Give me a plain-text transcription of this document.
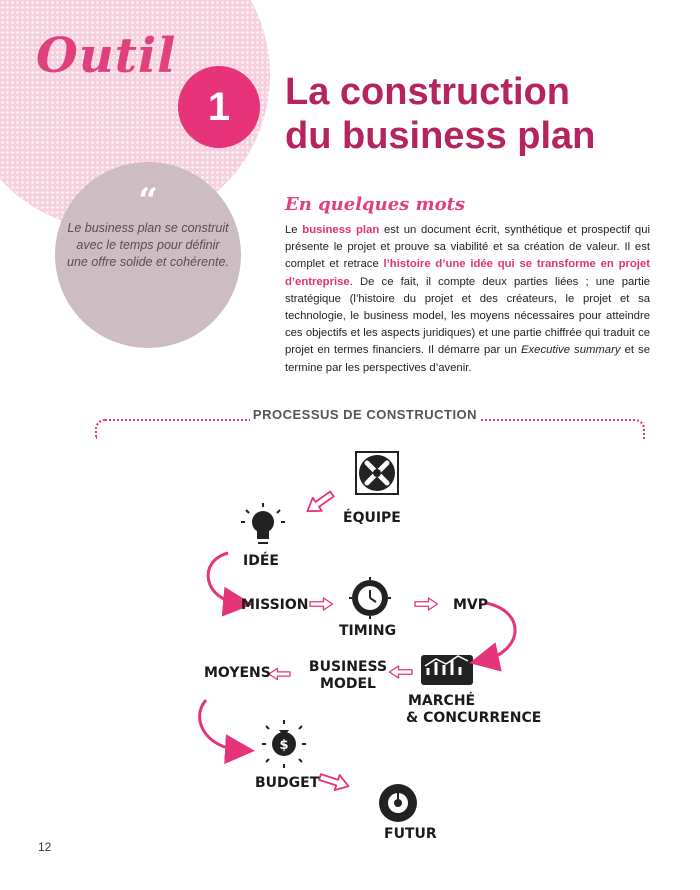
Outil
1	La construction
du business plan
“
Le business plan se construit avec le temps pour définir une offre solide et cohérente.
En quelques mots

Le business plan est un document écrit, synthétique et prospectif qui présente le projet et prouve sa viabilité et sa création de valeur. Il est complet et retrace l’histoire d’une idée qui se transforme en projet d’entreprise. De ce fait, il compte deux parties liées ; une partie stratégique (l’histoire du projet et des créateurs, le projet et sa technologie, le business model, les moyens nécessaires pour atteindre ces objectifs et les aspects juridiques) et une partie chiffrée qui traduit ce projet en termes financiers. Il démarre par un Executive summary et se termine par les perspectives d’avenir.

PROCESSUS DE CONSTRUCTION
$
ÉQUIPE
IDÉE
MISSION
TIMING
MVP
BUSINESS
MODEL
MOYENS
MARCHÉ
& CONCURRENCE
BUDGET
FUTUR
12
